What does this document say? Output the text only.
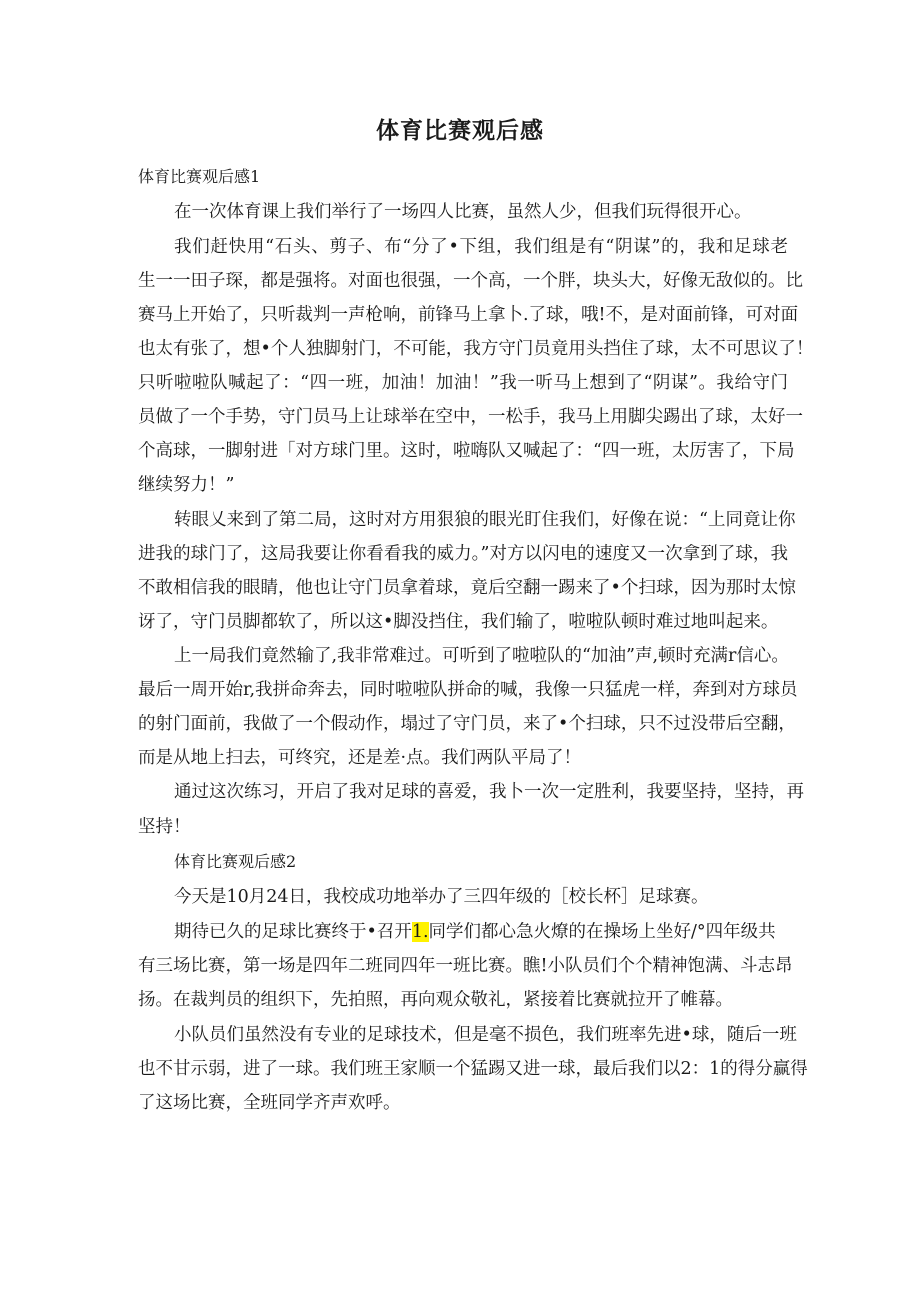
体育比赛观后感
体育比赛观后感1
在一次体育课上我们举行了一场四人比赛，虽然人少，但我们玩得很开心。
我们赶快用“石头、剪子、布“分了•下组，我们组是有“阴谋”的，我和足球老
生一一田子琛，都是强将。对面也很强，一个高，一个胖，块头大，好像无敌似的。比
赛马上开始了，只听裁判一声枪响，前锋马上拿卜.了球，哦!不，是对面前锋，可对面
也太有张了，想•个人独脚射门，不可能，我方守门员竟用头挡住了球，太不可思议了！
只听啦啦队喊起了：“四一班，加油！加油！”我一听马上想到了“阴谋”。我给守门
员做了一个手势，守门员马上让球举在空中，一松手，我马上用脚尖踢出了球，太好一
个高球，一脚射进「对方球门里。这时，啦嗨队又喊起了：“四一班，太厉害了，下局
继续努力！”
转眼乂来到了第二局，这时对方用狠狼的眼光盯住我们，好像在说：“上同竟让你
进我的球门了，这局我要让你看看我的威力。”对方以闪电的速度又一次拿到了球，我
不敢相信我的眼睛，他也让守门员拿着球，竟后空翻一踢来了•个扫球，因为那时太惊
讶了，守门员脚都软了，所以这•脚没挡住，我们输了，啦啦队顿时难过地叫起来。
上一局我们竟然输了,我非常难过。可听到了啦啦队的“加油”声,顿时充满r信心。
最后一周开始r,我拼命奔去，同时啦啦队拼命的喊，我像一只猛虎一样，奔到对方球员
的射门面前，我做了一个假动作，塌过了守门员，来了•个扫球，只不过没带后空翻，
而是从地上扫去，可终究，还是差·点。我们两队平局了！
通过这次练习，开启了我对足球的喜爱，我卜一次一定胜利，我要坚持，坚持，再
坚持！
体育比赛观后感2
今天是10月24日，我校成功地举办了三四年级的［校长杯］足球赛。
期待已久的足球比赛终于•召开1.同学们都心急火燎的在操场上坐好/°四年级共
有三场比赛，第一场是四年二班同四年一班比赛。瞧!小队员们个个精神饱满、斗志昂
扬。在裁判员的组织下，先拍照，再向观众敬礼，紧接着比赛就拉开了帷幕。
小队员们虽然没有专业的足球技术，但是毫不损色，我们班率先进•球，随后一班
也不甘示弱，进了一球。我们班王家顺一个猛踢又进一球，最后我们以2：1的得分赢得
了这场比赛，全班同学齐声欢呼。
